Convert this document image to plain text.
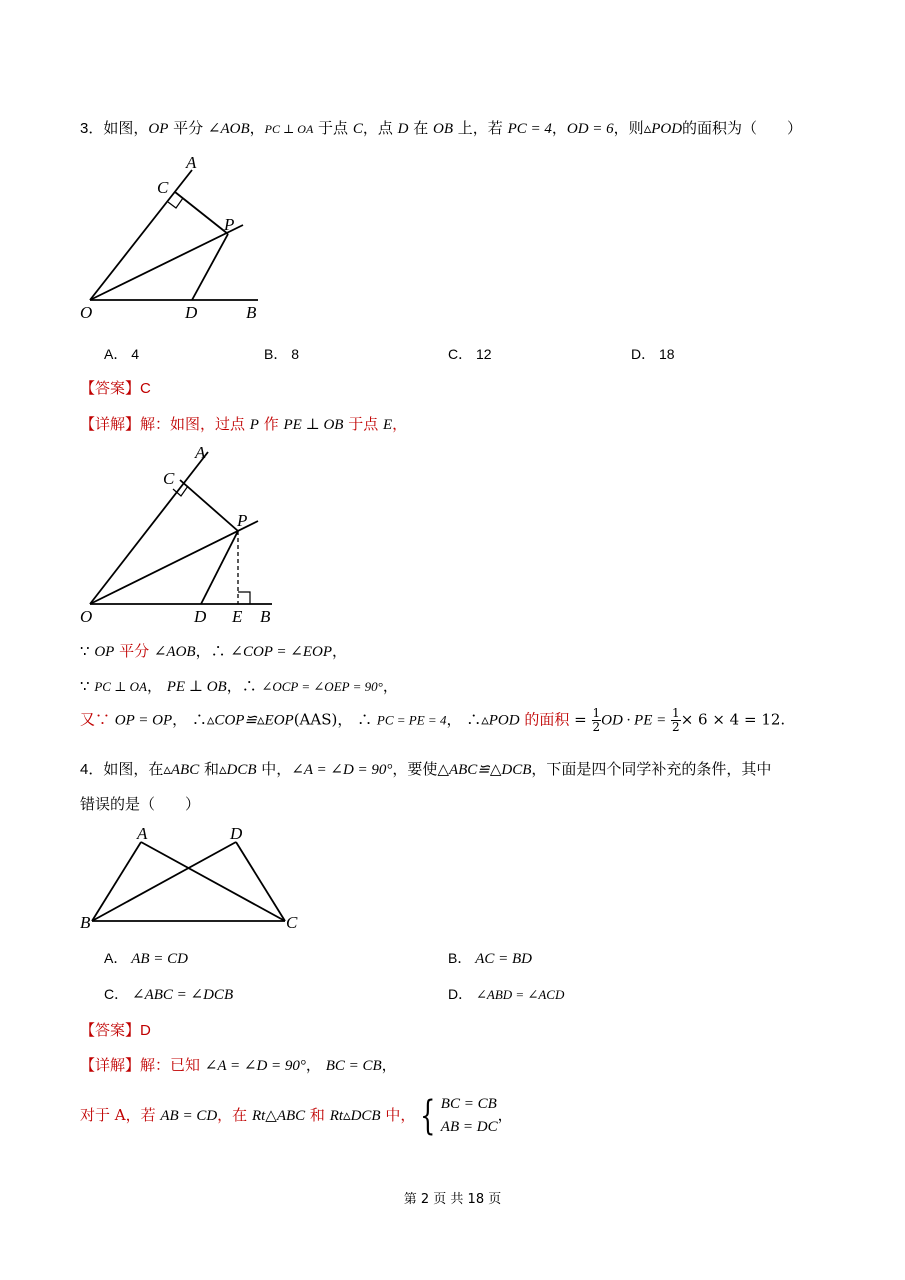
3．如图，OP 平分 ∠AOB，PC ⊥ OA 于点 C，点 D 在 OB 上，若 PC = 4，OD = 6，则▵POD的面积为（　　）
A
C
P
O	D	B
A． 4	B． 8	C． 12	D． 18
【答案】C
【详解】解：如图，过点 P 作 PE ⊥ OB 于点 E，
A
C
P
O	D E B
∵ OP 平分 ∠AOB，∴ ∠COP = ∠EOP，
∵ PC ⊥ OA， PE ⊥ OB，∴ ∠OCP = ∠OEP = 90°，
又∵ OP = OP， ∴▵COP≌▵EOP(AAS)， ∴ PC = PE = 4， ∴▵POD 的面积 = $\frac{1}{2}$ OD · PE = $\frac{1}{2} \times 6 \times 4 = 12$.
4．如图，在▵ABC 和▵DCB 中，∠A = ∠D = 90°，要使△ABC≌△DCB，下面是四个同学补充的条件，其中
错误的是（　　）
A	D
B	C
A． AB = CD	B． AC = BD
C． ∠ABC = ∠DCB	D． ∠ABD = ∠ACD
【答案】D
【详解】解：已知 ∠A = ∠D = 90°， BC = CB，
对于 A，若 AB = CD，在 Rt△ABC 和 Rt▵DCB 中， { BC = CB
AB = DC
，
第 2 页 共 18 页
